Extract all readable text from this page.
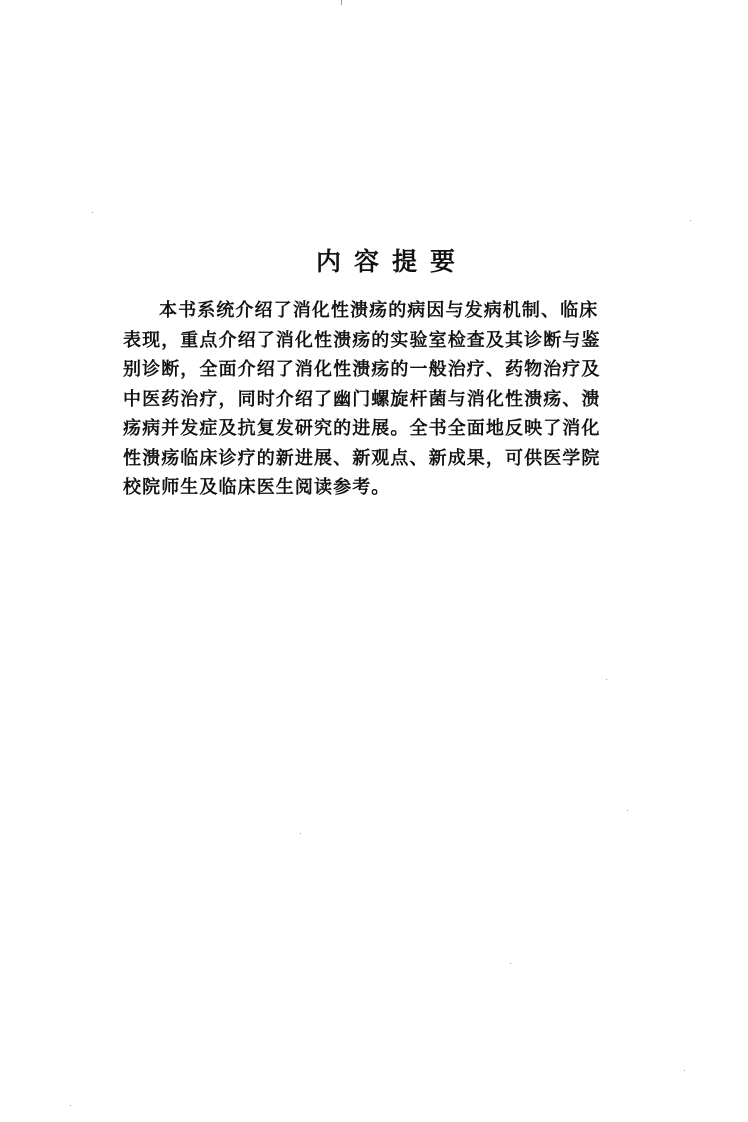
内容提要
本书系统介绍了消化性溃疡的病因与发病机制、临床
表现，重点介绍了消化性溃疡的实验室检查及其诊断与鉴
别诊断，全面介绍了消化性溃疡的一般治疗、药物治疗及
中医药治疗，同时介绍了幽门螺旋杆菌与消化性溃疡、溃
疡病并发症及抗复发研究的进展。全书全面地反映了消化
性溃疡临床诊疗的新进展、新观点、新成果，可供医学院
校院师生及临床医生阅读参考。
